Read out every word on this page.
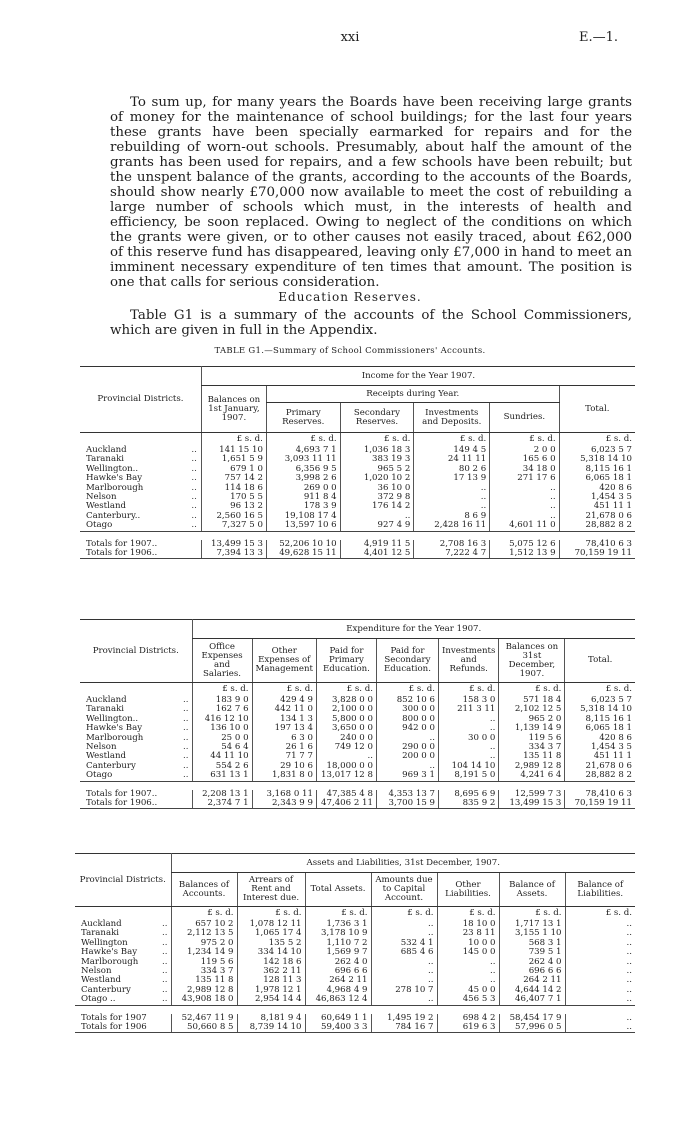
xxi	E.—1.

To sum up, for many years the Boards have been receiving large grants of money for the maintenance of school buildings; for the last four years these grants have been specially earmarked for repairs and for the rebuilding of worn-out schools. Presumably, about half the amount of the grants has been used for repairs, and a few schools have been rebuilt; but the unspent balance of the grants, according to the accounts of the Boards, should show nearly £70,000 now available to meet the cost of rebuilding a large number of schools which must, in the interests of health and efficiency, be soon replaced. Owing to neglect of the conditions on which the grants were given, or to other causes not easily traced, about £62,000 of this reserve fund has disappeared, leaving only £7,000 in hand to meet an imminent necessary expenditure of ten times that amount. The position is one that calls for serious consideration.

Education Reserves.

Table G1 is a summary of the accounts of the School Commissioners, which are given in full in the Appendix.

TABLE G1.—Summary of School Commissioners' Accounts.
Provincial Districts.		Income for the Year 1907.					
		Balances on 1st January, 1907.	Receipts during Year.				Total.
			Primary Reserves.	Secondary Reserves.	Investments and Deposits.	Sundries.	
		£ s. d.	£ s. d.	£ s. d.	£ s. d.	£ s. d.	£ s. d.
Auckland	..	141 15 10	4,693 7 1	1,036 18 3	149 4 5	2 0 0	6,023 5 7
Taranaki	..	1,651 5 9	3,093 11 11	383 19 3	24 11 11	165 6 0	5,318 14 10
Wellington..	..	679 1 0	6,356 9 5	965 5 2	80 2 6	34 18 0	8,115 16 1
Hawke's Bay	..	757 14 2	3,998 2 6	1,020 10 2	17 13 9	271 17 6	6,065 18 1
Marlborough	..	114 18 6	269 0 0	36 10 0	..	..	420 8 6
Nelson	..	170 5 5	911 8 4	372 9 8	..	..	1,454 3 5
Westland	..	96 13 2	178 3 9	176 14 2	..	..	451 11 1
Canterbury..	..	2,560 16 5	19,108 17 4	..	8 6 9	..	21,678 0 6
Otago	..	7,327 5 0	13,597 10 6	927 4 9	2,428 16 11	4,601 11 0	28,882 8 2

Totals for 1907..		13,499 15 3	52,206 10 10	4,919 11 5	2,708 16 3	5,075 12 6	78,410 6 3
Totals for 1906..		7,394 13 3	49,628 15 11	4,401 12 5	7,222 4 7	1,512 13 9	70,159 19 11
Provincial Districts.		Expenditure for the Year 1907.						
		Office Expenses and Salaries.	Other Expenses of Management	Paid for Primary Education.	Paid for Secondary Education.	Investments and Refunds.	Balances on 31st December, 1907.	Total.
		£ s. d.	£ s. d.	£ s. d.	£ s. d.	£ s. d.	£ s. d.	£ s. d.
Auckland	..	183 9 0	429 4 9	3,828 0 0	852 10 6	158 3 0	571 18 4	6,023 5 7
Taranaki	..	162 7 6	442 11 0	2,100 0 0	300 0 0	211 3 11	2,102 12 5	5,318 14 10
Wellington..	..	416 12 10	134 1 3	5,800 0 0	800 0 0	..	965 2 0	8,115 16 1
Hawke's Bay	..	136 10 0	197 13 4	3,650 0 0	942 0 0	..	1,139 14 9	6,065 18 1
Marlborough	..	25 0 0	6 3 0	240 0 0	..	30 0 0	119 5 6	420 8 6
Nelson	..	54 6 4	26 1 6	749 12 0	290 0 0	..	334 3 7	1,454 3 5
Westland	..	44 11 10	71 7 7	..	200 0 0	..	135 11 8	451 11 1
Canterbury	..	554 2 6	29 10 6	18,000 0 0	..	104 14 10	2,989 12 8	21,678 0 6
Otago	..	631 13 1	1,831 8 0	13,017 12 8	969 3 1	8,191 5 0	4,241 6 4	28,882 8 2

Totals for 1907..		2,208 13 1	3,168 0 11	47,385 4 8	4,353 13 7	8,695 6 9	12,599 7 3	78,410 6 3
Totals for 1906..		2,374 7 1	2,343 9 9	47,406 2 11	3,700 15 9	835 9 2	13,499 15 3	70,159 19 11
Provincial Districts.		Assets and Liabilities, 31st December, 1907.						
		Balances of Accounts.	Arrears of Rent and Interest due.	Total Assets.	Amounts due to Capital Account.	Other Liabilities.	Balance of Assets.	Balance of Liabilities.
		£ s. d.	£ s. d.	£ s. d.	£ s. d.	£ s. d.	£ s. d.	£ s. d.
Auckland	..	657 10 2	1,078 12 11	1,736 3 1	..	18 10 0	1,717 13 1	..
Taranaki	..	2,112 13 5	1,065 17 4	3,178 10 9	..	23 8 11	3,155 1 10	..
Wellington	..	975 2 0	135 5 2	1,110 7 2	532 4 1	10 0 0	568 3 1	..
Hawke's Bay	..	1,234 14 9	334 14 10	1,569 9 7	685 4 6	145 0 0	739 5 1	..
Marlborough	..	119 5 6	142 18 6	262 4 0	..	..	262 4 0	..
Nelson	..	334 3 7	362 2 11	696 6 6	..	..	696 6 6	..
Westland	..	135 11 8	128 11 3	264 2 11	..	..	264 2 11	..
Canterbury	..	2,989 12 8	1,978 12 1	4,968 4 9	278 10 7	45 0 0	4,644 14 2	..
Otago ..	..	43,908 18 0	2,954 14 4	46,863 12 4	..	456 5 3	46,407 7 1	..

Totals for 1907		52,467 11 9	8,181 9 4	60,649 1 1	1,495 19 2	698 4 2	58,454 17 9	..
Totals for 1906		50,660 8 5	8,739 14 10	59,400 3 3	784 16 7	619 6 3	57,996 0 5	..
